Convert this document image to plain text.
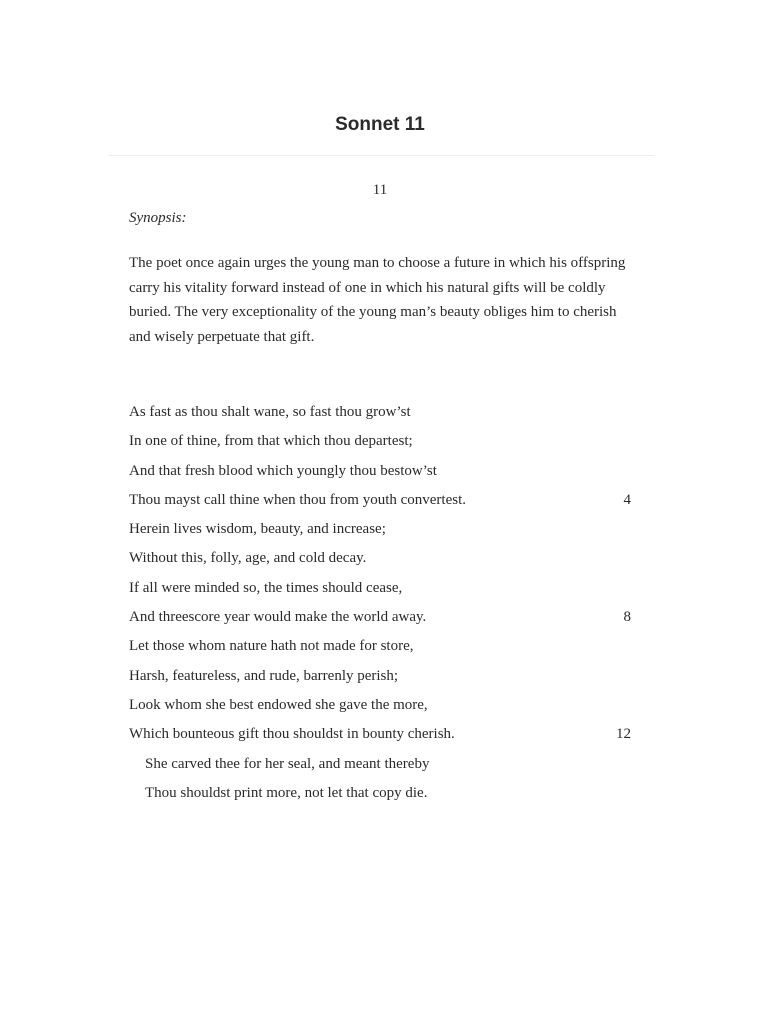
Sonnet 11
11
Synopsis:

The poet once again urges the young man to choose a future in which his offspring carry his vitality forward instead of one in which his natural gifts will be coldly buried. The very exceptionality of the young man’s beauty obliges him to cherish and wisely perpetuate that gift.

As fast as thou shalt wane, so fast thou grow’st
In one of thine, from that which thou departest;
And that fresh blood which youngly thou bestow’st
Thou mayst call thine when thou from youth convertest.	4
Herein lives wisdom, beauty, and increase;
Without this, folly, age, and cold decay.
If all were minded so, the times should cease,
And threescore year would make the world away.	8
Let those whom nature hath not made for store,
Harsh, featureless, and rude, barrenly perish;
Look whom she best endowed she gave the more,
Which bounteous gift thou shouldst in bounty cherish.	12
She carved thee for her seal, and meant thereby
Thou shouldst print more, not let that copy die.
